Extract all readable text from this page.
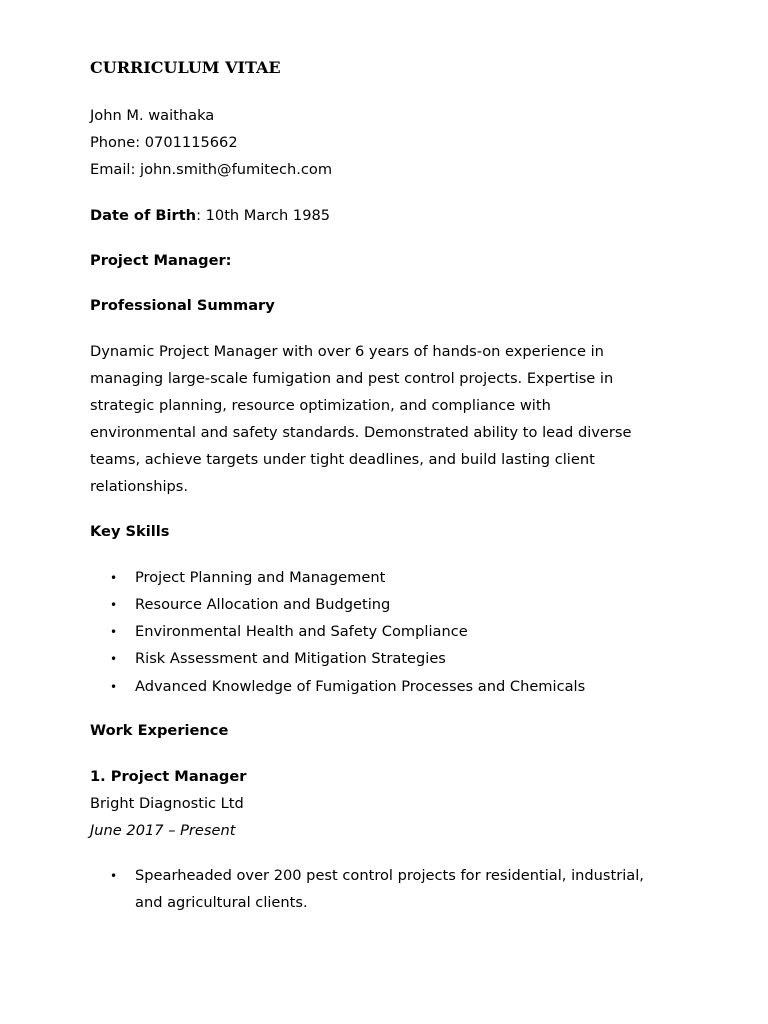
CURRICULUM VITAE
John M. waithaka
Phone: 0701115662
Email: john.smith@fumitech.com
Date of Birth: 10th March 1985
Project Manager:
Professional Summary
Dynamic Project Manager with over 6 years of hands-on experience in
managing large-scale fumigation and pest control projects. Expertise in
strategic planning, resource optimization, and compliance with
environmental and safety standards. Demonstrated ability to lead diverse
teams, achieve targets under tight deadlines, and build lasting client
relationships.
Key Skills
• Project Planning and Management
• Resource Allocation and Budgeting
• Environmental Health and Safety Compliance
• Risk Assessment and Mitigation Strategies
• Advanced Knowledge of Fumigation Processes and Chemicals
Work Experience
1. Project Manager
Bright Diagnostic Ltd
June 2017 – Present
• Spearheaded over 200 pest control projects for residential, industrial,
and agricultural clients.
